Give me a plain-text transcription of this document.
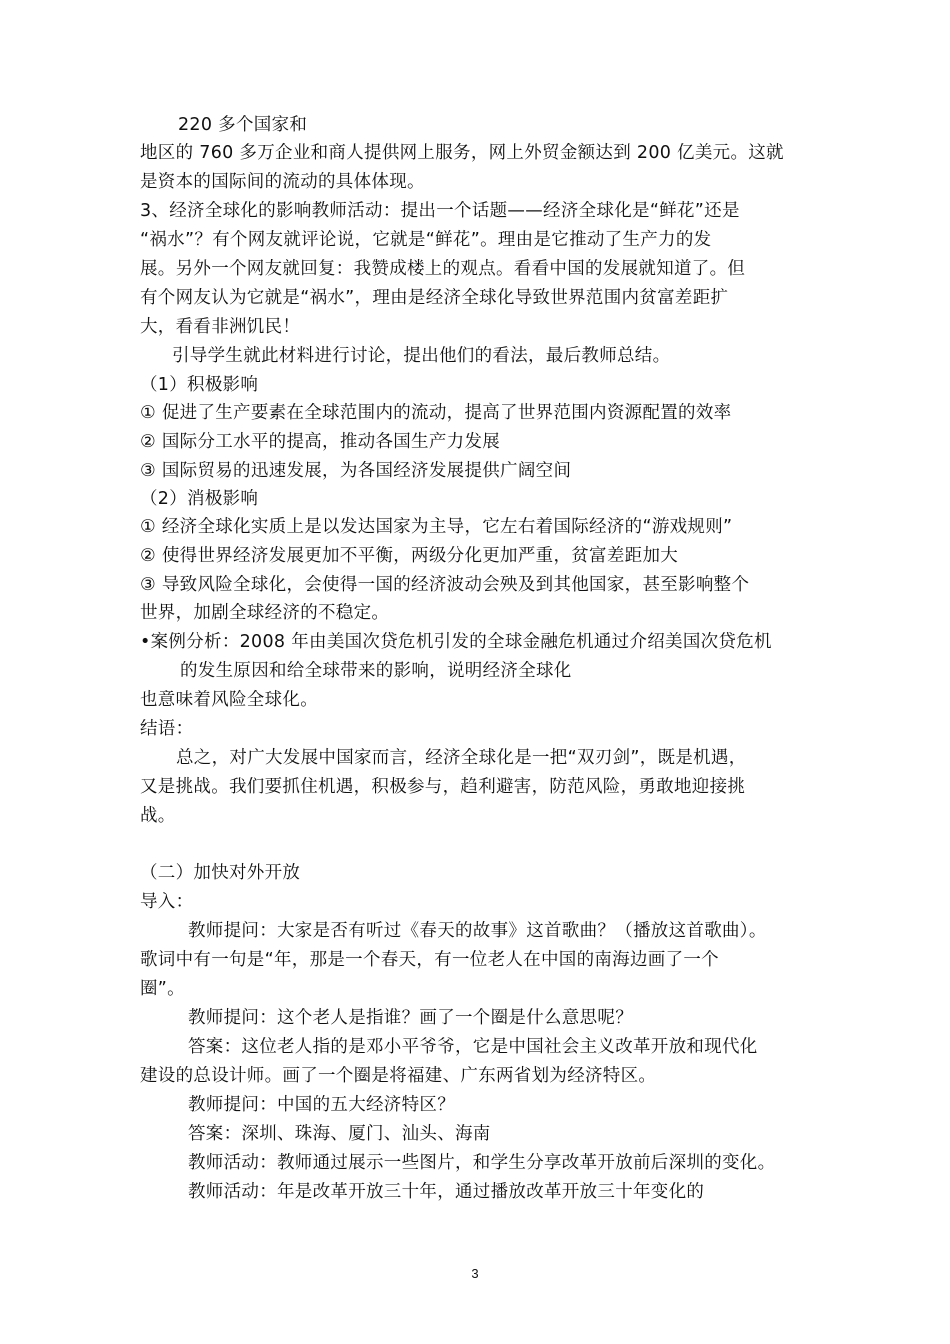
220 多个国家和
地区的 760 多万企业和商人提供网上服务，网上外贸金额达到 200 亿美元。这就
是资本的国际间的流动的具体体现。
3、经济全球化的影响教师活动：提出一个话题——经济全球化是“鲜花”还是
“祸水”？有个网友就评论说，它就是“鲜花”。理由是它推动了生产力的发
展。另外一个网友就回复：我赞成楼上的观点。看看中国的发展就知道了。但
有个网友认为它就是“祸水”，理由是经济全球化导致世界范围内贫富差距扩
大，看看非洲饥民！
引导学生就此材料进行讨论，提出他们的看法，最后教师总结。
（1）积极影响
① 促进了生产要素在全球范围内的流动，提高了世界范围内资源配置的效率
② 国际分工水平的提高，推动各国生产力发展
③ 国际贸易的迅速发展，为各国经济发展提供广阔空间
（2）消极影响
① 经济全球化实质上是以发达国家为主导，它左右着国际经济的“游戏规则”
② 使得世界经济发展更加不平衡，两级分化更加严重，贫富差距加大
③ 导致风险全球化，会使得一国的经济波动会殃及到其他国家，甚至影响整个
世界，加剧全球经济的不稳定。
•案例分析：2008 年由美国次贷危机引发的全球金融危机通过介绍美国次贷危机
的发生原因和给全球带来的影响，说明经济全球化
也意味着风险全球化。
结语：
总之，对广大发展中国家而言，经济全球化是一把“双刃剑”，既是机遇，
又是挑战。我们要抓住机遇，积极参与，趋利避害，防范风险，勇敢地迎接挑
战。
（二）加快对外开放
导入：
教师提问：大家是否有听过《春天的故事》这首歌曲？（播放这首歌曲）。
歌词中有一句是“年，那是一个春天，有一位老人在中国的南海边画了一个
圈”。
教师提问：这个老人是指谁？画了一个圈是什么意思呢？
答案：这位老人指的是邓小平爷爷，它是中国社会主义改革开放和现代化
建设的总设计师。画了一个圈是将福建、广东两省划为经济特区。
教师提问：中国的五大经济特区？
答案：深圳、珠海、厦门、汕头、海南
教师活动：教师通过展示一些图片，和学生分享改革开放前后深圳的变化。
教师活动：年是改革开放三十年，通过播放改革开放三十年变化的
3
